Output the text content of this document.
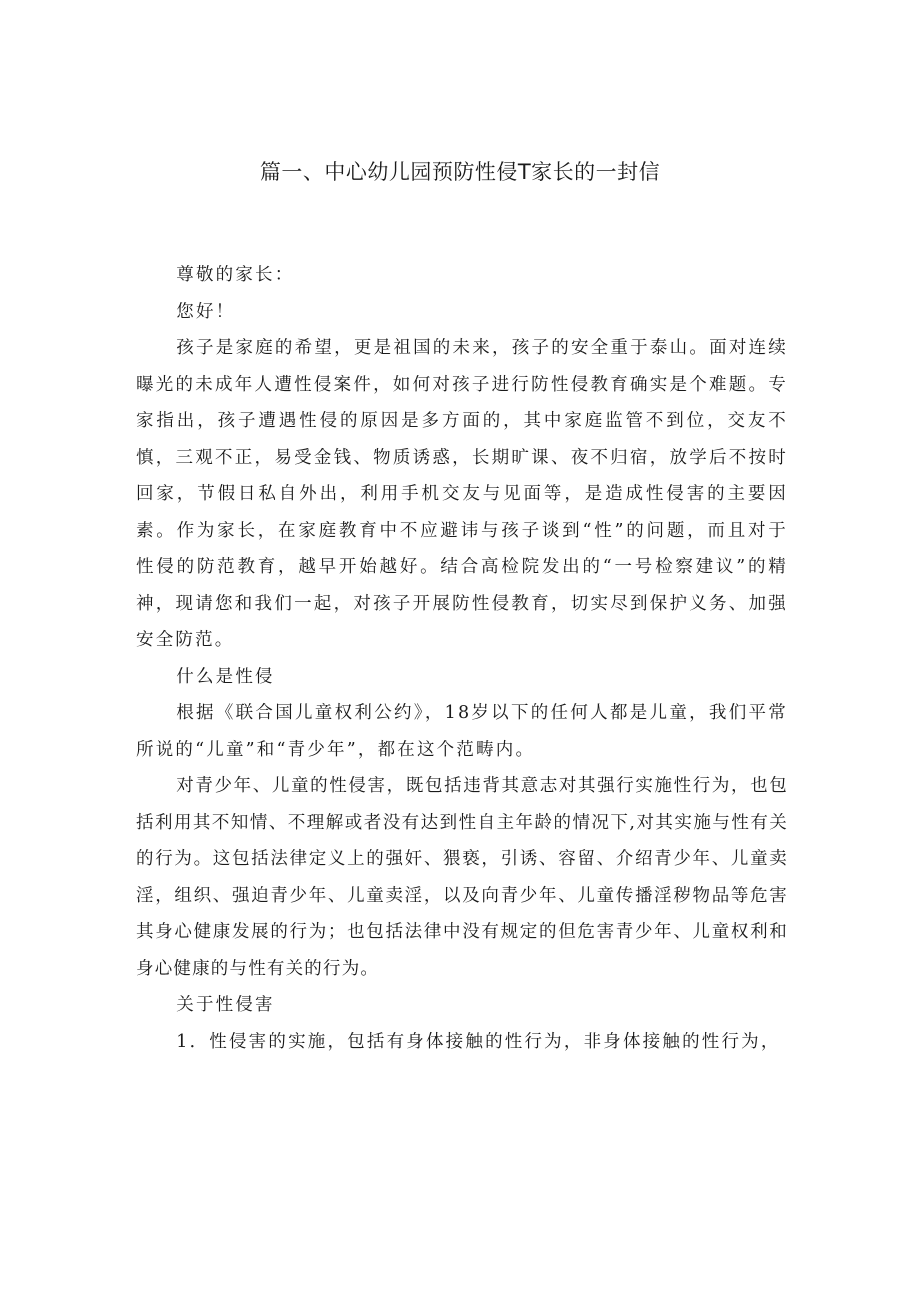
篇一、中心幼儿园预防性侵T家长的一封信

尊敬的家长：

您好！

孩子是家庭的希望，更是祖国的未来，孩子的安全重于泰山。面对连续曝光的未成年人遭性侵案件，如何对孩子进行防性侵教育确实是个难题。专家指出，孩子遭遇性侵的原因是多方面的，其中家庭监管不到位，交友不慎，三观不正，易受金钱、物质诱惑，长期旷课、夜不归宿，放学后不按时回家，节假日私自外出，利用手机交友与见面等，是造成性侵害的主要因素。作为家长，在家庭教育中不应避讳与孩子谈到“性”的问题，而且对于性侵的防范教育，越早开始越好。结合高检院发出的“一号检察建议”的精神，现请您和我们一起，对孩子开展防性侵教育，切实尽到保护义务、加强安全防范。

什么是性侵

根据《联合国儿童权利公约》，18岁以下的任何人都是儿童，我们平常所说的“儿童”和“青少年”，都在这个范畴内。

对青少年、儿童的性侵害，既包括违背其意志对其强行实施性行为，也包括利用其不知情、不理解或者没有达到性自主年龄的情况下,对其实施与性有关的行为。这包括法律定义上的强奸、猥亵，引诱、容留、介绍青少年、儿童卖淫，组织、强迫青少年、儿童卖淫，以及向青少年、儿童传播淫秽物品等危害其身心健康发展的行为；也包括法律中没有规定的但危害青少年、儿童权利和身心健康的与性有关的行为。

关于性侵害

1．性侵害的实施，包括有身体接触的性行为，非身体接触的性行为，
